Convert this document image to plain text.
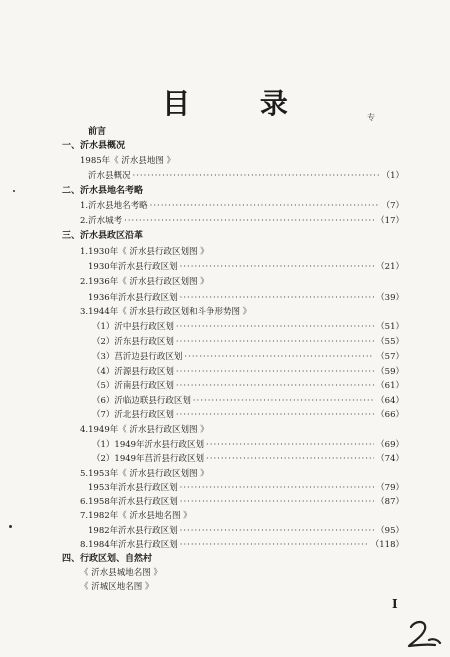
目 录	专
前言
一、沂水县概况
1985年《 沂水县地图 》
沂水县概况 ·····	（1）
二、沂水县地名考略
1.沂水县地名考略 ·····	（7）
2.沂水城考 ·····	（17）
三、沂水县政区沿革
1.1930年《 沂水县行政区划图 》
1930年沂水县行政区划 ·····	（21）
2.1936年《 沂水县行政区划图 》
1936年沂水县行政区划 ·····	（39）
3.1944年《 沂水县行政区划和斗争形势图 》
（1）沂中县行政区划 ·····	（51）
（2）沂东县行政区划 ·····	（55）
（3）莒沂边县行政区划 ·····	（57）
（4）沂源县行政区划 ·····	（59）
（5）沂南县行政区划 ·····	（61）
（6）沂临边联县行政区划 ·····	（64）
（7）沂北县行政区划 ·····	（66）
4.1949年《 沂水县行政区划图 》
（1）1949年沂水县行政区划 ·····	（69）
（2）1949年莒沂县行政区划 ·····	（74）
5.1953年《 沂水县行政区划图 》
1953年沂水县行政区划 ·····	（79）
6.1958年沂水县行政区划 ·····	（87）
7.1982年《 沂水县地名图 》
1982年沂水县行政区划 ·····	（95）
8.1984年沂水县行政区划 ·····	（118）
四、行政区划、自然村
《 沂水县城地名图 》
《 沂城区地名图 》
I
